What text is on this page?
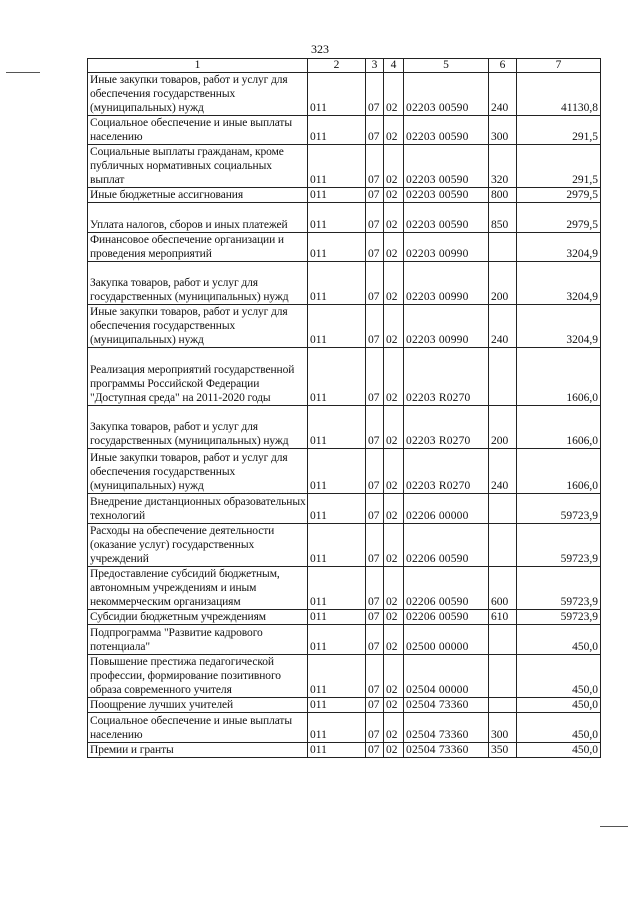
323
1	2	3	4	5	6	7
Иные закупки товаров, работ и услуг для обеспечения государственных (муниципальных) нужд	011	07	02	02203 00590	240	41130,8
Социальное обеспечение и иные выплаты населению	011	07	02	02203 00590	300	291,5
Социальные выплаты гражданам, кроме публичных нормативных социальных выплат	011	07	02	02203 00590	320	291,5
Иные бюджетные ассигнования	011	07	02	02203 00590	800	2979,5
Уплата налогов, сборов и иных платежей	011	07	02	02203 00590	850	2979,5
Финансовое обеспечение организации и проведения мероприятий	011	07	02	02203 00990		3204,9
Закупка товаров, работ и услуг для государственных (муниципальных) нужд	011	07	02	02203 00990	200	3204,9
Иные закупки товаров, работ и услуг для обеспечения государственных (муниципальных) нужд	011	07	02	02203 00990	240	3204,9
Реализация мероприятий государственной программы Российской Федерации "Доступная среда" на 2011-2020 годы	011	07	02	02203 R0270		1606,0
Закупка товаров, работ и услуг для государственных (муниципальных) нужд	011	07	02	02203 R0270	200	1606,0
Иные закупки товаров, работ и услуг для обеспечения государственных (муниципальных) нужд	011	07	02	02203 R0270	240	1606,0
Внедрение дистанционных образовательных технологий	011	07	02	02206 00000		59723,9
Расходы на обеспечение деятельности (оказание услуг) государственных учреждений	011	07	02	02206 00590		59723,9
Предоставление субсидий бюджетным, автономным учреждениям и иным некоммерческим организациям	011	07	02	02206 00590	600	59723,9
Субсидии бюджетным учреждениям	011	07	02	02206 00590	610	59723,9
Подпрограмма "Развитие кадрового потенциала"	011	07	02	02500 00000		450,0
Повышение престижа педагогической профессии, формирование позитивного образа современного учителя	011	07	02	02504 00000		450,0
Поощрение лучших учителей	011	07	02	02504 73360		450,0
Социальное обеспечение и иные выплаты населению	011	07	02	02504 73360	300	450,0
Премии и гранты	011	07	02	02504 73360	350	450,0
